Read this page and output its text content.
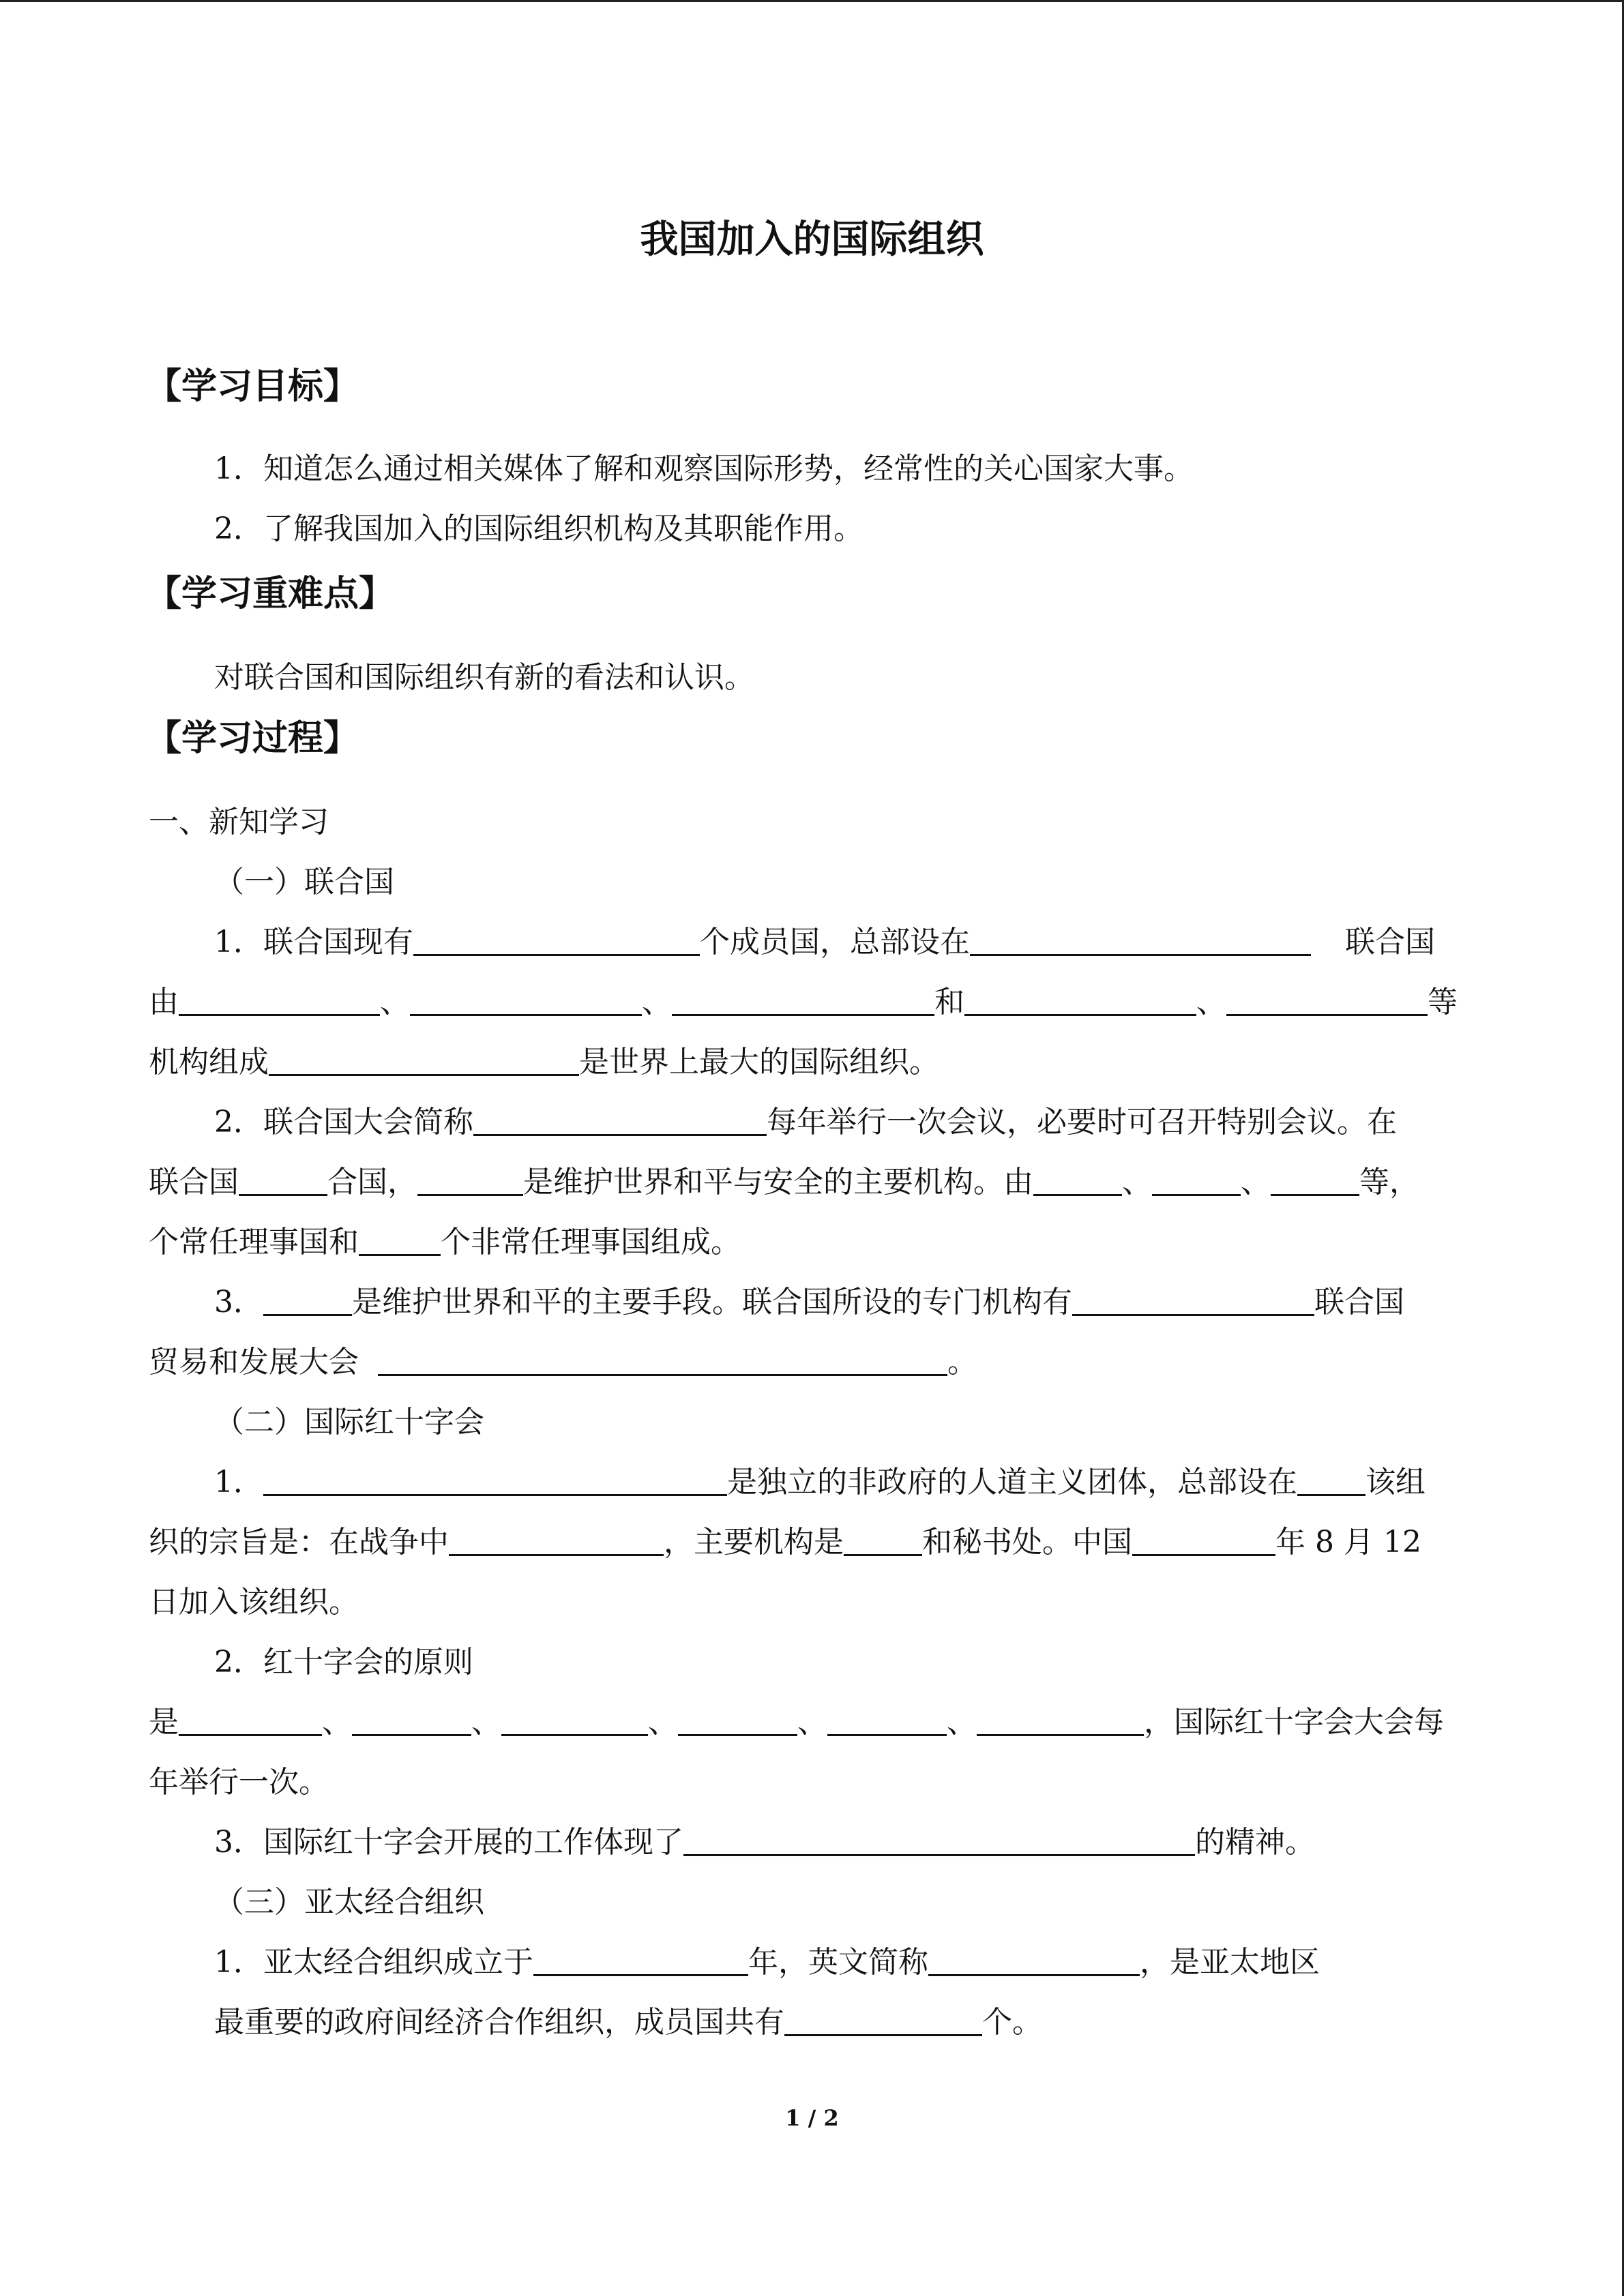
我国加入的国际组织
【学习目标】
1．知道怎么通过相关媒体了解和观察国际形势，经常性的关心国家大事。
2．了解我国加入的国际组织机构及其职能作用。
【学习重难点】
对联合国和国际组织有新的看法和认识。
【学习过程】
一、新知学习
（一）联合国
1．联合国现有	个成员国，总部设在	联合国
由	、	、	和	、	等
机构组成	是世界上最大的国际组织。
2．联合国大会简称	每年举行一次会议，必要时可召开特别会议。在
联合国	合国，	是维护世界和平与安全的主要机构。由	、	、	等，
个常任理事国和	个非常任理事国组成。
3．	是维护世界和平的主要手段。联合国所设的专门机构有	联合国
贸易和发展大会	。
（二）国际红十字会
1．	是独立的非政府的人道主义团体，总部设在 该组
织的宗旨是：在战争中	，主要机构是	和秘书处。中国	年 8 月 12
日加入该组织。
2．红十字会的原则
是	、	、	、	、	、	，国际红十字会大会每
年举行一次。
3．国际红十字会开展的工作体现了	的精神。
（三）亚太经合组织
1．亚太经合组织成立于	年，英文简称	，是亚太地区
最重要的政府间经济合作组织，成员国共有	个。
1 / 2
